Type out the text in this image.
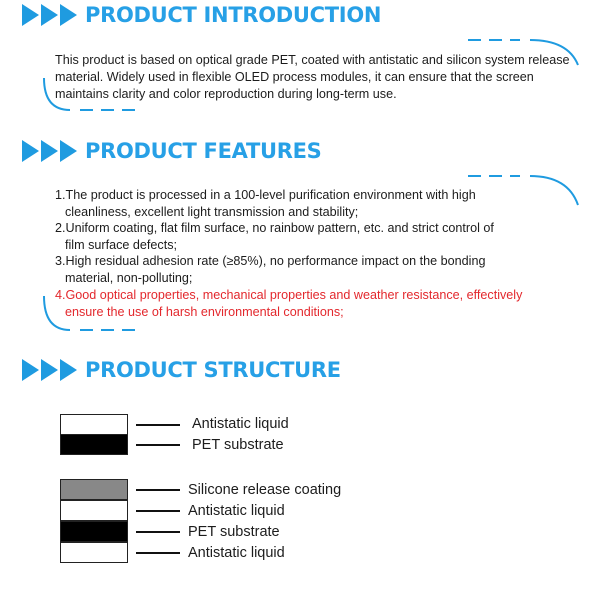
PRODUCT INTRODUCTION
This product is based on optical grade PET, coated with antistatic and silicon system release material. Widely used in flexible OLED process modules, it can ensure that the screen maintains clarity and color reproduction during long-term use.
PRODUCT FEATURES
1.The product is processed in a 100-level purification environment with high
cleanliness, excellent light transmission and stability;
2.Uniform coating, flat film surface, no rainbow pattern, etc. and strict control of
film surface defects;
3.High residual adhesion rate (≥85%), no performance impact on the bonding
material, non-polluting;
4.Good optical properties, mechanical properties and weather resistance, effectively
ensure the use of harsh environmental conditions;
PRODUCT STRUCTURE
Antistatic liquid
PET substrate
Silicone release coating
Antistatic liquid
PET substrate
Antistatic liquid
